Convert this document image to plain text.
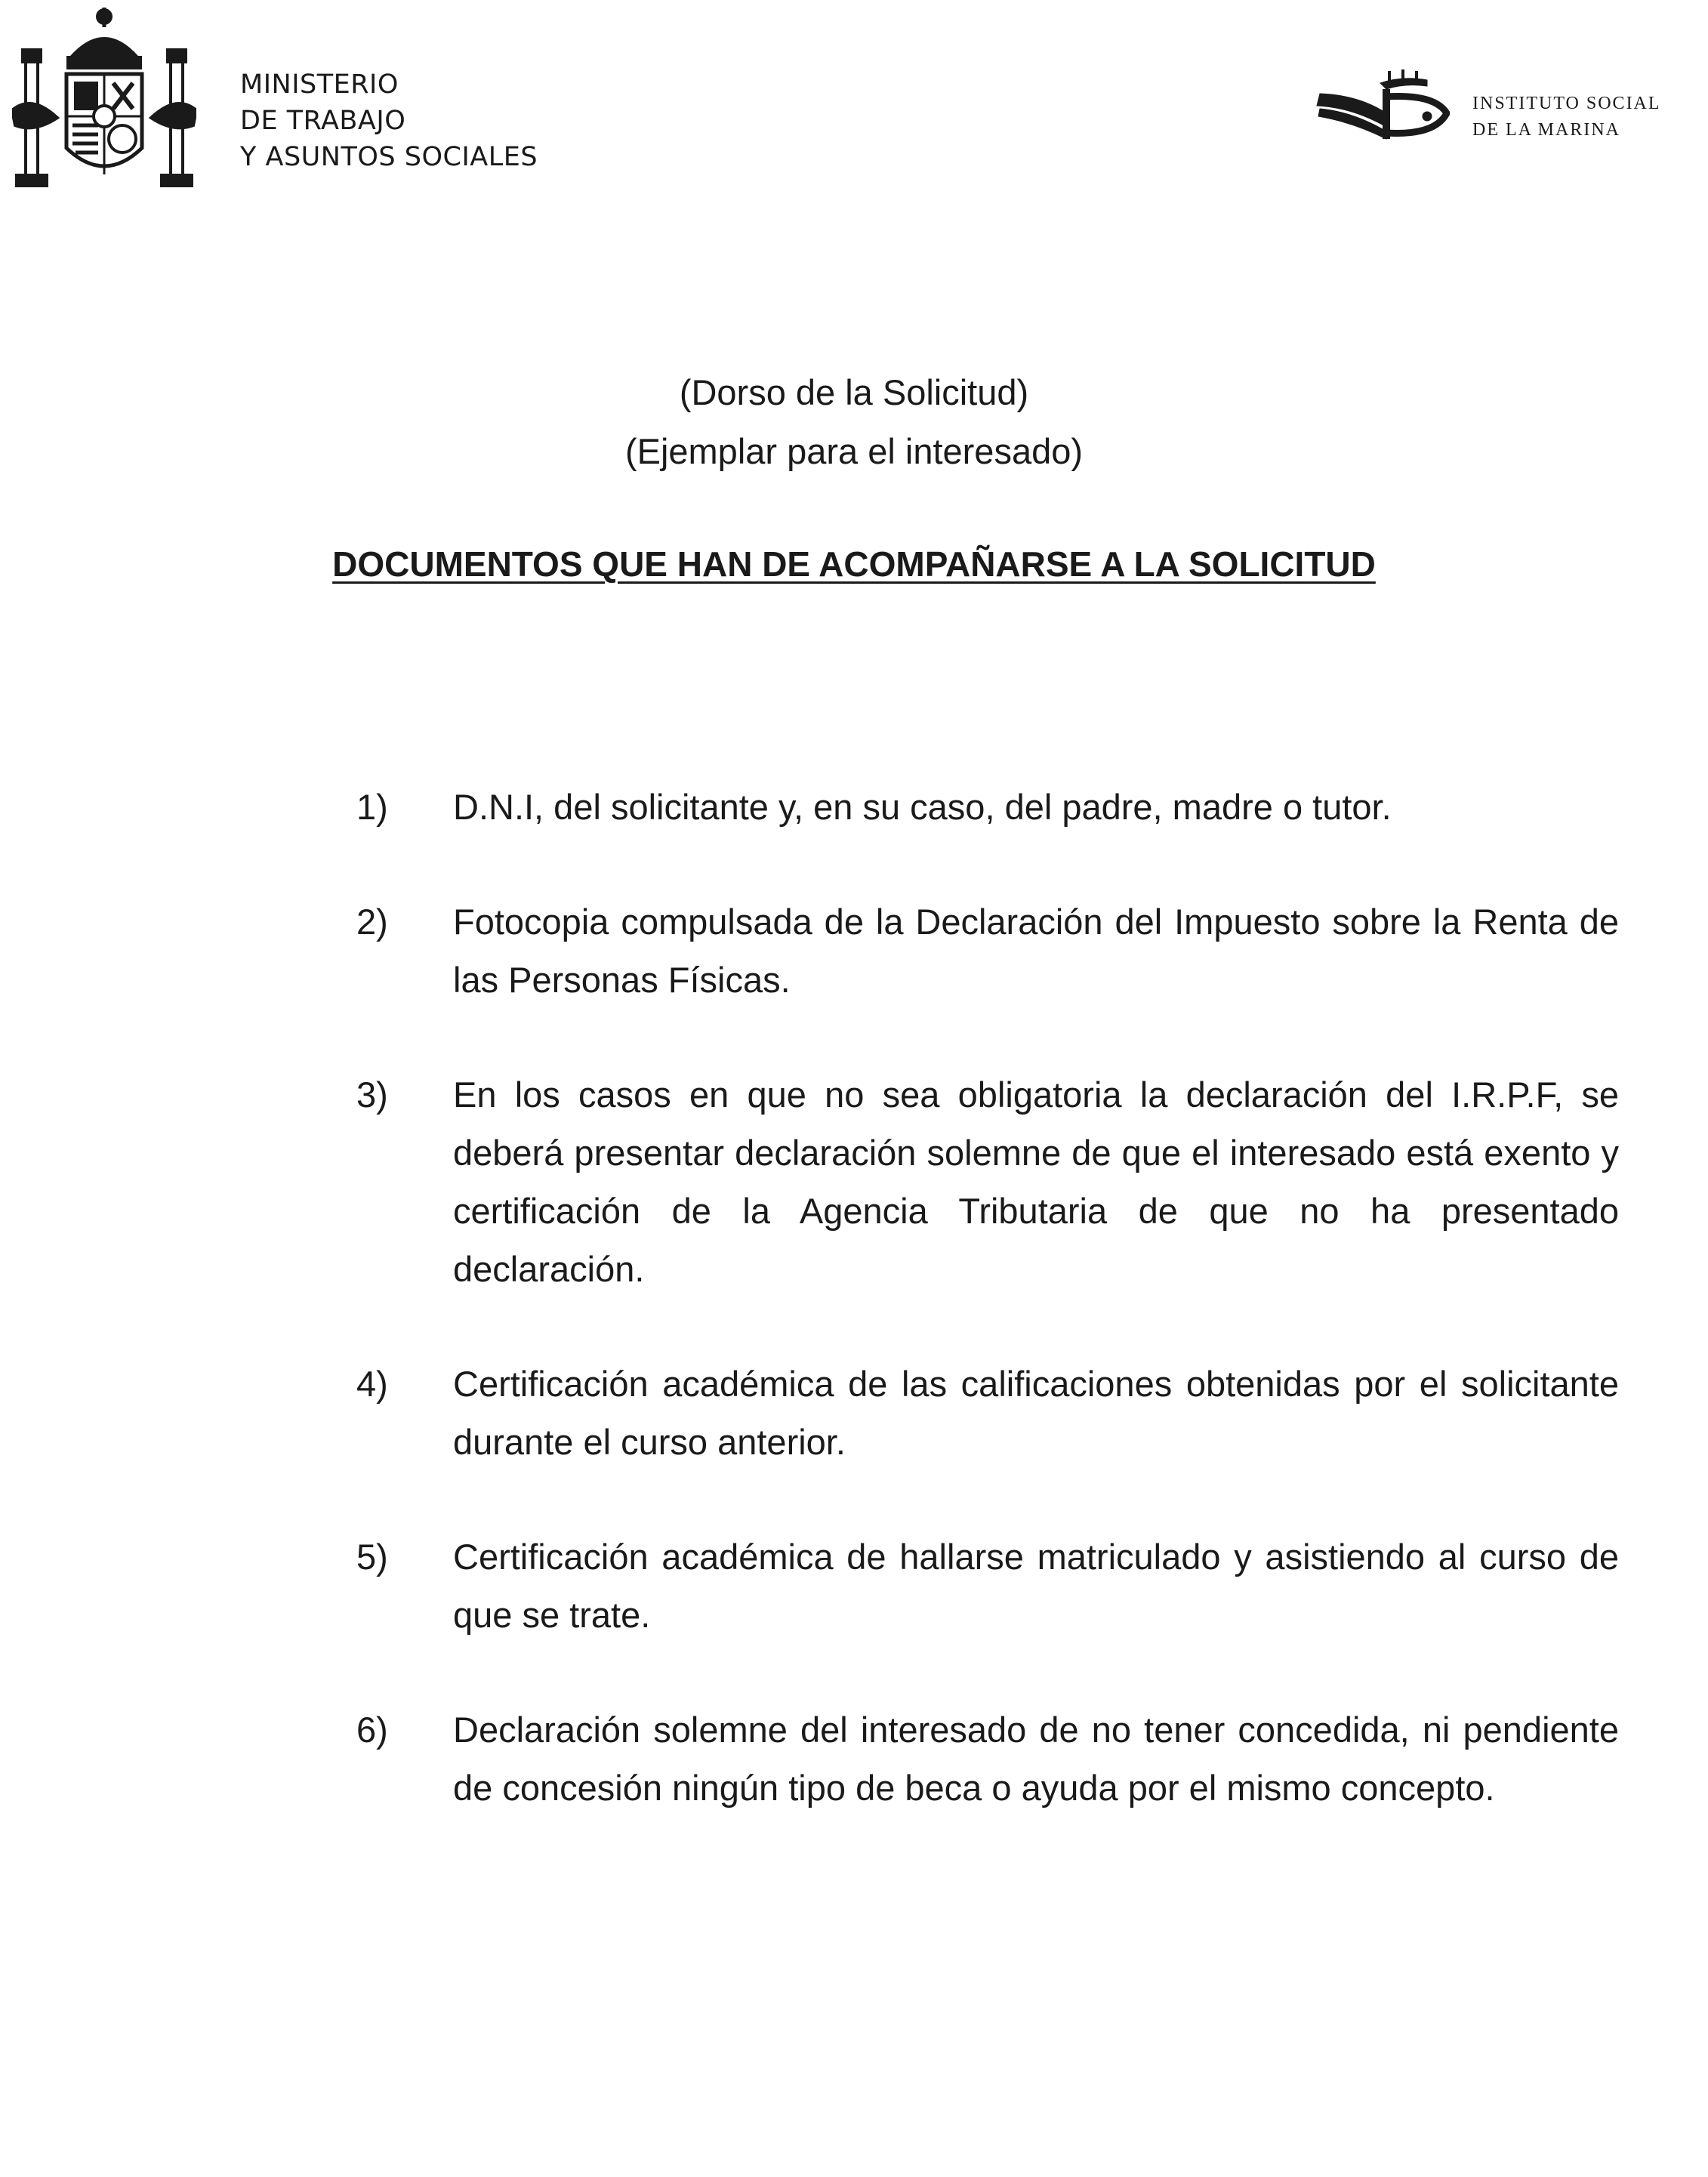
MINISTERIO
DE TRABAJO
Y ASUNTOS SOCIALES
INSTITUTO SOCIAL
DE LA MARINA
(Dorso de la Solicitud)
(Ejemplar para el interesado)
DOCUMENTOS QUE HAN DE ACOMPAÑARSE A LA SOLICITUD
1)	D.N.I, del solicitante y, en su caso, del padre, madre o tutor.
2)	Fotocopia compulsada de la Declaración del Impuesto sobre la Renta de las Personas Físicas.
3)	En los casos en que no sea obligatoria la declaración del I.R.P.F, se deberá presentar declaración solemne de que el interesado está exento y certificación de la Agencia Tributaria de que no ha presentado declaración.
4)	Certificación académica de las calificaciones obtenidas por el solicitante durante el curso anterior.
5)	Certificación académica de hallarse matriculado y asistiendo al curso de que se trate.
6)	Declaración solemne del interesado de no tener concedida, ni pendiente de concesión ningún tipo de beca o ayuda por el mismo concepto.
